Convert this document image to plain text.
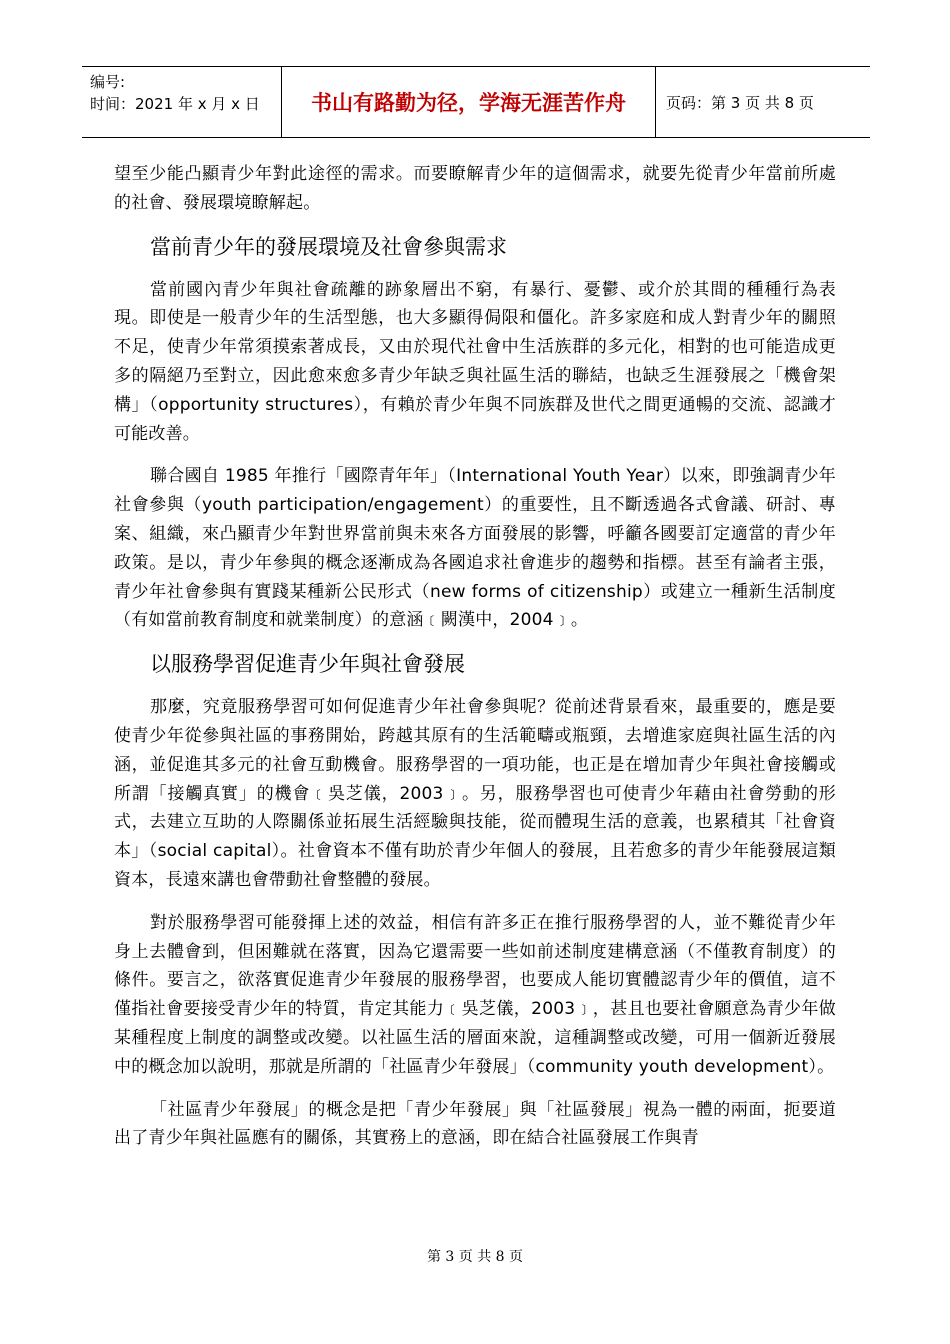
编号:
时间：2021 年 x 月 x 日	书山有路勤为径，学海无涯苦作舟	页码：第 3 页 共 8 页

望至少能凸顯青少年對此途徑的需求。而要瞭解青少年的這個需求，就要先從青少年當前所處的社會、發展環境瞭解起。

當前青少年的發展環境及社會參與需求

當前國內青少年與社會疏離的跡象層出不窮，有暴行、憂鬱、或介於其間的種種行為表現。即使是一般青少年的生活型態，也大多顯得侷限和僵化。許多家庭和成人對青少年的關照不足，使青少年常須摸索著成長，又由於現代社會中生活族群的多元化，相對的也可能造成更多的隔絕乃至對立，因此愈來愈多青少年缺乏與社區生活的聯結，也缺乏生涯發展之「機會架構」（opportunity structures），有賴於青少年與不同族群及世代之間更通暢的交流、認識才可能改善。

聯合國自 1985 年推行「國際青年年」（International Youth Year）以來，即強調青少年社會參與（youth participation/engagement）的重要性，且不斷透過各式會議、研討、專案、組織，來凸顯青少年對世界當前與未來各方面發展的影響，呼籲各國要訂定適當的青少年政策。是以，青少年參與的概念逐漸成為各國追求社會進步的趨勢和指標。甚至有論者主張，青少年社會參與有實踐某種新公民形式（new forms of citizenship）或建立一種新生活制度（有如當前教育制度和就業制度）的意涵﹝闕漢中，2004﹞。

以服務學習促進青少年與社會發展

那麼，究竟服務學習可如何促進青少年社會參與呢？從前述背景看來，最重要的，應是要使青少年從參與社區的事務開始，跨越其原有的生活範疇或瓶頸，去增進家庭與社區生活的內涵，並促進其多元的社會互動機會。服務學習的一項功能，也正是在增加青少年與社會接觸或所謂「接觸真實」的機會﹝吳芝儀，2003﹞。另，服務學習也可使青少年藉由社會勞動的形式，去建立互助的人際關係並拓展生活經驗與技能，從而體現生活的意義，也累積其「社會資本」（social capital）。社會資本不僅有助於青少年個人的發展，且若愈多的青少年能發展這類資本，長遠來講也會帶動社會整體的發展。

對於服務學習可能發揮上述的效益，相信有許多正在推行服務學習的人，並不難從青少年身上去體會到，但困難就在落實，因為它還需要一些如前述制度建構意涵（不僅教育制度）的條件。要言之，欲落實促進青少年發展的服務學習，也要成人能切實體認青少年的價值，這不僅指社會要接受青少年的特質，肯定其能力﹝吳芝儀，2003﹞，甚且也要社會願意為青少年做某種程度上制度的調整或改變。以社區生活的層面來說，這種調整或改變，可用一個新近發展中的概念加以說明，那就是所謂的「社區青少年發展」（community youth development）。

「社區青少年發展」的概念是把「青少年發展」與「社區發展」視為一體的兩面，扼要道出了青少年與社區應有的關係，其實務上的意涵，即在結合社區發展工作與青

第 3 页 共 8 页
